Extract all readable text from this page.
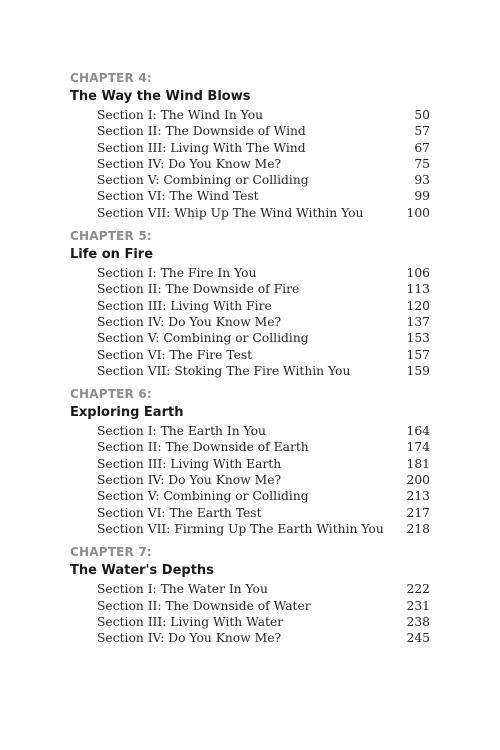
CHAPTER 4:
The Way the Wind Blows
Section I: The Wind In You	50
Section II: The Downside of Wind	57
Section III: Living With The Wind	67
Section IV: Do You Know Me?	75
Section V: Combining or Colliding	93
Section VI: The Wind Test	99
Section VII: Whip Up The Wind Within You	100
CHAPTER 5:
Life on Fire
Section I: The Fire In You	106
Section II: The Downside of Fire	113
Section III: Living With Fire	120
Section IV: Do You Know Me?	137
Section V: Combining or Colliding	153
Section VI: The Fire Test	157
Section VII: Stoking The Fire Within You	159
CHAPTER 6:
Exploring Earth
Section I: The Earth In You	164
Section II: The Downside of Earth	174
Section III: Living With Earth	181
Section IV: Do You Know Me?	200
Section V: Combining or Colliding	213
Section VI: The Earth Test	217
Section VII: Firming Up The Earth Within You 218
CHAPTER 7:
The Water's Depths
Section I: The Water In You	222
Section II: The Downside of Water	231
Section III: Living With Water	238
Section IV: Do You Know Me?	245
